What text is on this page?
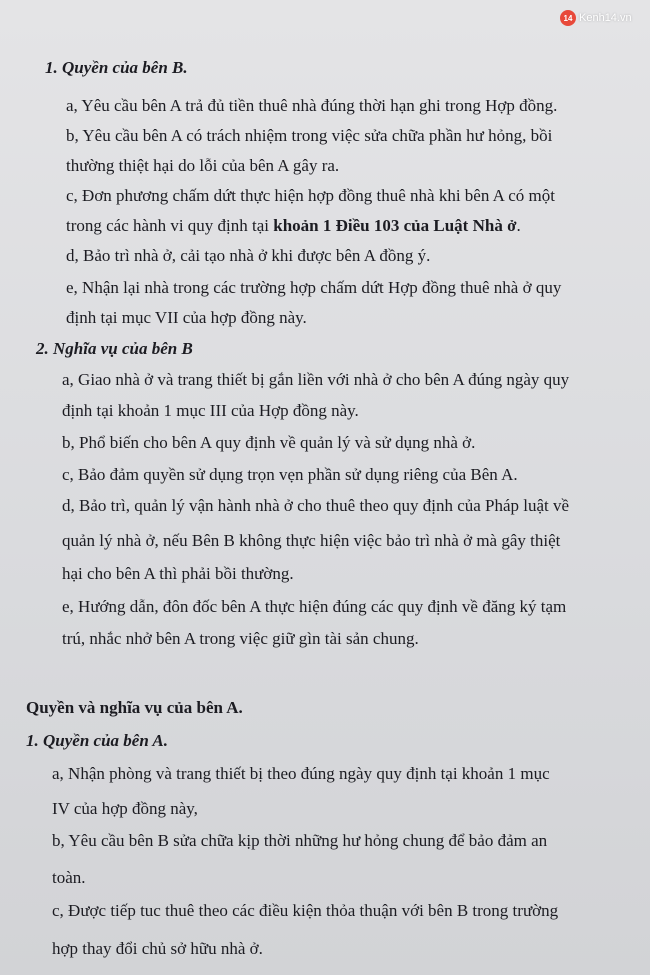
14 Kenh14.vn
1. Quyền của bên B.
a, Yêu cầu bên A trả đủ tiền thuê nhà đúng thời hạn ghi trong Hợp đồng.
b, Yêu cầu bên A có trách nhiệm trong việc sửa chữa phần hư hỏng, bồi
thường thiệt hại do lỗi của bên A gây ra.
c, Đơn phương chấm dứt thực hiện hợp đồng thuê nhà khi bên A có một
trong các hành vi quy định tại khoản 1 Điều 103 của Luật Nhà ở.
d, Bảo trì nhà ở, cải tạo nhà ở khi được bên A đồng ý.
e, Nhận lại nhà trong các trường hợp chấm dứt Hợp đồng thuê nhà ở quy
định tại mục VII của hợp đồng này.
2. Nghĩa vụ của bên B
a, Giao nhà ở và trang thiết bị gắn liền với nhà ở cho bên A đúng ngày quy
định tại khoản 1 mục III của Hợp đồng này.
b, Phổ biến cho bên A quy định về quản lý và sử dụng nhà ở.
c, Bảo đảm quyền sử dụng trọn vẹn phần sử dụng riêng của Bên A.
d, Bảo trì, quản lý vận hành nhà ở cho thuê theo quy định của Pháp luật về
quản lý nhà ở, nếu Bên B không thực hiện việc bảo trì nhà ở mà gây thiệt
hại cho bên A thì phải bồi thường.
e, Hướng dẫn, đôn đốc bên A thực hiện đúng các quy định về đăng ký tạm
trú, nhắc nhở bên A trong việc giữ gìn tài sản chung.
Quyền và nghĩa vụ của bên A.
1. Quyền của bên A.
a, Nhận phòng và trang thiết bị theo đúng ngày quy định tại khoản 1 mục
IV của hợp đồng này,
b, Yêu cầu bên B sửa chữa kịp thời những hư hỏng chung để bảo đảm an
toàn.
c, Được tiếp tuc thuê theo các điều kiện thỏa thuận với bên B trong trường
hợp thay đổi chủ sở hữu nhà ở.
